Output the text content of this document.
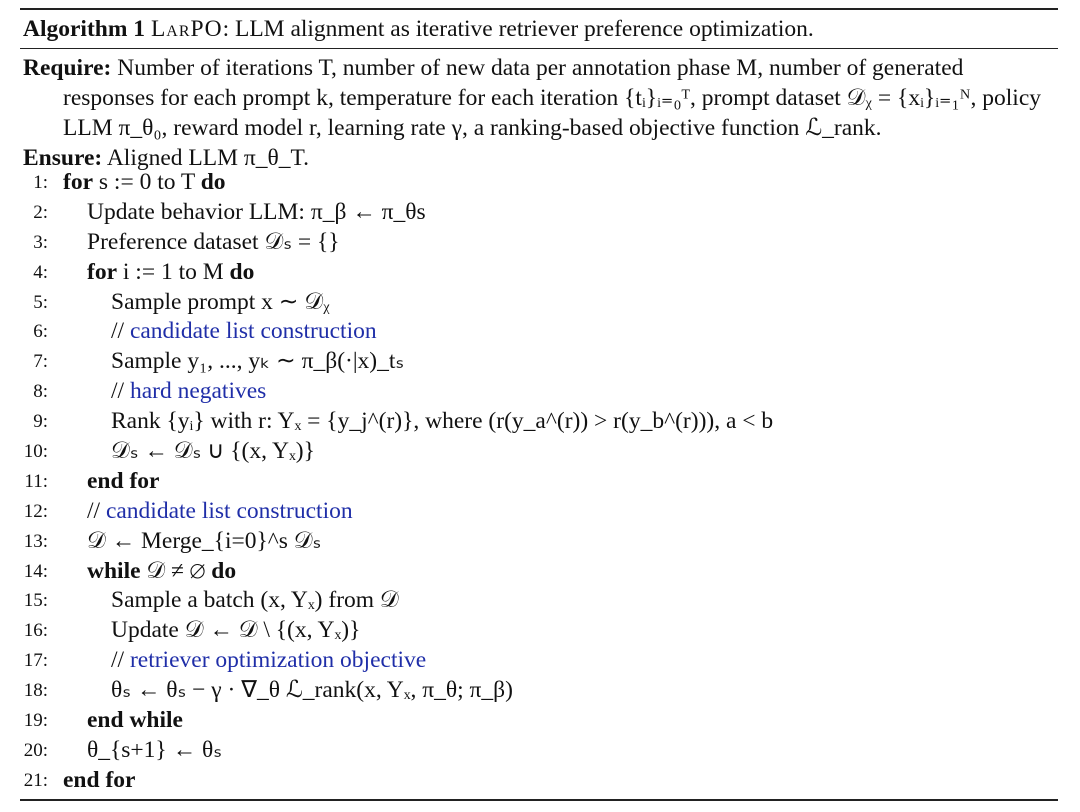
Algorithm 1 LarPO: LLM alignment as iterative retriever preference optimization.
Require: Number of iterations T, number of new data per annotation phase M, number of generated responses for each prompt k, temperature for each iteration {tᵢ}ᵢ₌₀ᵀ, prompt dataset 𝒟ᵪ = {xᵢ}ᵢ₌₁ᴺ, policy LLM π_θ₀, reward model r, learning rate γ, a ranking-based objective function ℒ_rank.
Ensure: Aligned LLM π_θ_T.
1: for s := 0 to T do
2: Update behavior LLM: π_β ← π_θs
3: Preference dataset 𝒟ₛ = {}
4: for i := 1 to M do
5:	Sample prompt x ∼ 𝒟ᵪ
6:	// candidate list construction
7:	Sample y₁, ..., yₖ ∼ π_β(·|x)_tₛ
8:	// hard negatives
9:	Rank {yᵢ} with r: Yₓ = {y_j^(r)}, where (r(y_a^(r)) > r(y_b^(r))), a < b
10:	𝒟ₛ ← 𝒟ₛ ∪ {(x, Yₓ)}
11: end for
12: // candidate list construction
13: 𝒟 ← Merge_{i=0}^s 𝒟ₛ
14: while 𝒟 ≠ ∅ do
15:	Sample a batch (x, Yₓ) from 𝒟
16:	Update 𝒟 ← 𝒟 \ {(x, Yₓ)}
17:	// retriever optimization objective
18:	θₛ ← θₛ − γ · ∇_θ ℒ_rank(x, Yₓ, π_θ; π_β)
19: end while
20: θ_{s+1} ← θₛ
21: end for
